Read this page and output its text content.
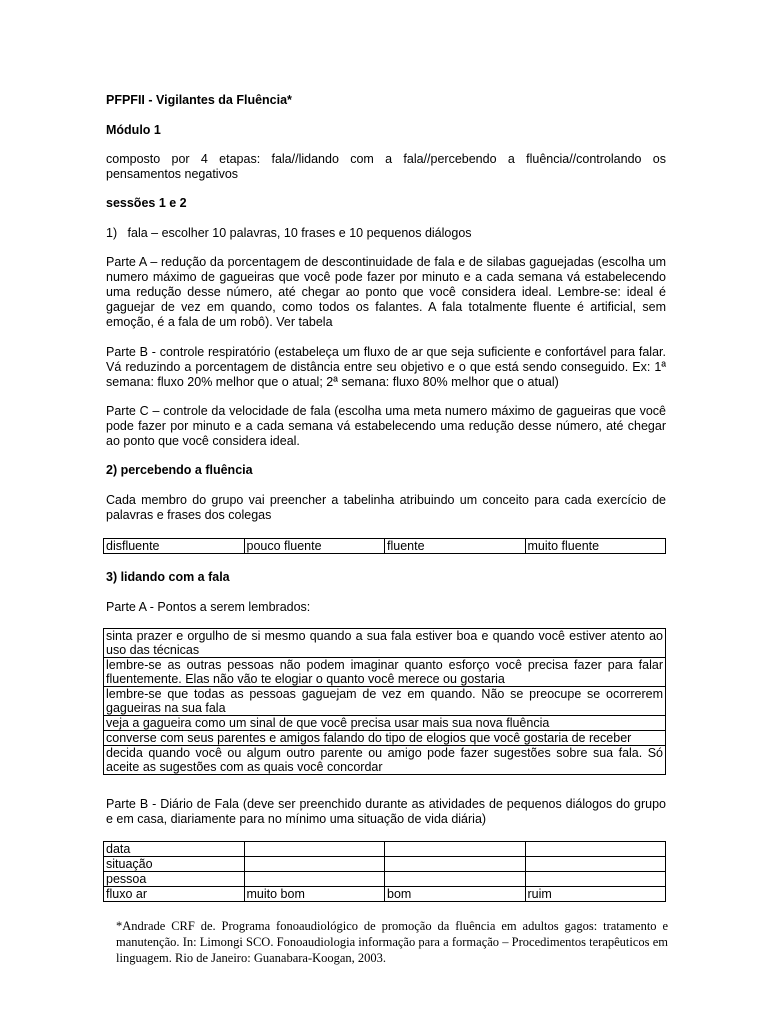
PFPFII - Vigilantes da Fluência*
Módulo 1
composto por 4 etapas: fala//lidando com a fala//percebendo a fluência//controlando os pensamentos negativos
sessões 1 e 2
1)   fala – escolher 10 palavras, 10 frases e 10 pequenos diálogos
Parte A – redução da porcentagem de descontinuidade de fala e de silabas gaguejadas (escolha um numero máximo de gagueiras que você pode fazer por minuto e a cada semana vá estabelecendo uma redução desse número, até chegar ao ponto que você considera ideal. Lembre-se: ideal é gaguejar de vez em quando, como todos os falantes. A fala totalmente fluente é artificial, sem emoção, é a fala de um robô). Ver tabela
Parte B - controle respiratório (estabeleça um fluxo de ar que seja suficiente e confortável para falar. Vá reduzindo a porcentagem de distância entre seu objetivo e o que está sendo conseguido. Ex: 1ª semana: fluxo 20% melhor que o atual; 2ª semana: fluxo 80% melhor que o atual)
Parte C – controle da velocidade de fala (escolha uma meta numero máximo de gagueiras que você pode fazer por minuto e a cada semana vá estabelecendo uma redução desse número, até chegar ao ponto que você considera ideal.
2) percebendo a fluência
Cada membro do grupo vai preencher a tabelinha atribuindo um conceito para cada exercício de palavras e frases dos colegas
disfluente	pouco fluente	fluente	muito fluente
3) lidando com a fala
Parte A - Pontos a serem lembrados:
sinta prazer e orgulho de si mesmo quando a sua fala estiver boa e quando você estiver atento ao uso das técnicas
lembre-se as outras pessoas não podem imaginar quanto esforço você precisa fazer para falar fluentemente. Elas não vão te elogiar o quanto você merece ou gostaria
lembre-se que todas as pessoas gaguejam de vez em quando. Não se preocupe se ocorrerem gagueiras na sua fala
veja a gagueira como um sinal de que você precisa usar mais sua nova fluência
converse com seus parentes e amigos falando do tipo de elogios que você gostaria de receber
decida quando você ou algum outro parente ou amigo pode fazer sugestões sobre sua fala. Só aceite as sugestões com as quais você concordar
Parte B - Diário de Fala (deve ser preenchido durante as atividades de pequenos diálogos do grupo e em casa, diariamente para no mínimo uma situação de vida diária)
data			
situação			
pessoa			
fluxo ar	muito bom	bom	ruim
*Andrade CRF de. Programa fonoaudiológico de promoção da fluência em adultos gagos: tratamento e manutenção. In: Limongi SCO. Fonoaudiologia informação para a formação – Procedimentos terapêuticos em linguagem. Rio de Janeiro: Guanabara-Koogan, 2003.
